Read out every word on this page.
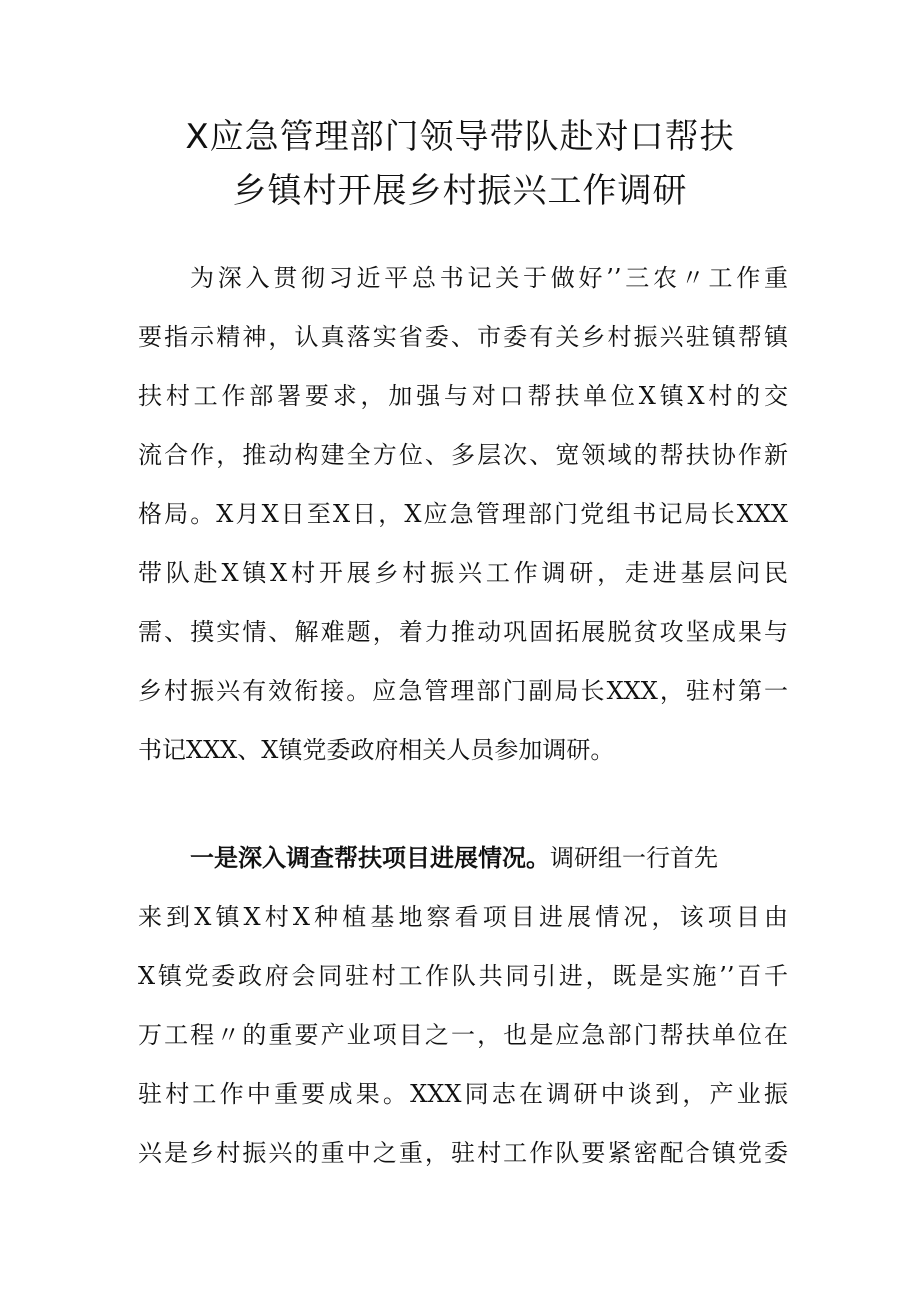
X应急管理部门领导带队赴对口帮扶
乡镇村开展乡村振兴工作调研
为深入贯彻习近平总书记关于做好’’三农〃工作重
要指示精神，认真落实省委、市委有关乡村振兴驻镇帮镇
扶村工作部署要求，加强与对口帮扶单位X镇X村的交
流合作，推动构建全方位、多层次、宽领域的帮扶协作新
格局。X月X日至X日，X应急管理部门党组书记局长XXX
带队赴X镇X村开展乡村振兴工作调研，走进基层问民
需、摸实情、解难题，着力推动巩固拓展脱贫攻坚成果与
乡村振兴有效衔接。应急管理部门副局长XXX，驻村第一
书记XXX、X镇党委政府相关人员参加调研。
一是深入调查帮扶项目进展情况。调研组一行首先
来到X镇X村X种植基地察看项目进展情况，该项目由
X镇党委政府会同驻村工作队共同引进，既是实施’’百千
万工程〃的重要产业项目之一，也是应急部门帮扶单位在
驻村工作中重要成果。XXX同志在调研中谈到，产业振
兴是乡村振兴的重中之重，驻村工作队要紧密配合镇党委
